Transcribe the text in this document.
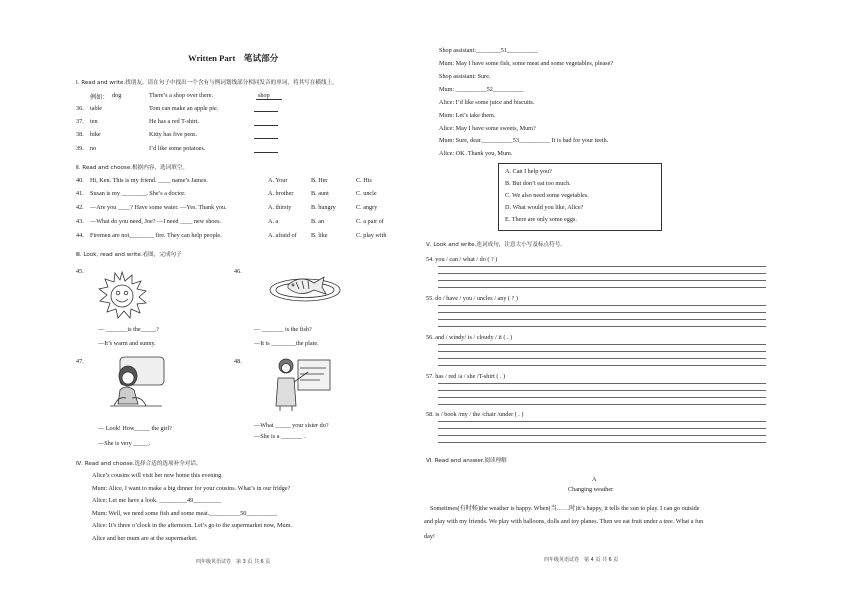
Written Part　笔试部分
Ⅰ. Read and write.找朋友。请在句子中找出一个含有与例词划线部分相同发音的单词，将其写在横线上。
例如： dog	There’s a shop over there.	shop
36. table	Tom can make an apple pie.
37. ten	He has a red T-shirt.
38. bike	Kitty has five pens.
39. no	I’d like some potatoes.
Ⅱ. Read and choose.根据内容，选词填空。
40. Hi, Ken. This is my friend. ____ name’s James.	A. Your	B. Her	C. His
41. Susan is my ________. She’s a doctor.	A. brother	B. aunt	C. uncle
42. —Are you ____? Have some water. —Yes. Thank you.	A. thirsty	B. hungry	C. angry
43. —What do you need, Joe? —I need ____ new shoes.	A. a	B. an	C. a pair of
44. Firemen are not________ fire. They can help people.	A. afraid of B. like	C. play with
Ⅲ. Look, read and write.看图，完成句子
45.
— _______is the_____?
—It’s warm and sunny.
46.
— _______ is the fish?
—It is ________the plate.
47.
— Look! How_____ the girl?
—She is very _____.
48.
—What _____ your sister do?
—She is a _______ .
Ⅳ. Read and choose.选择合适的选项补全对话。
Alice’s cousins will visit her new home this evening.
Mum: Alice, I want to make a big dinner for your cousins. What’s in our fridge?
Alice: Let me have a look. _________49_________
Mum: Well, we need some fish and some meat.__________50__________
Alice: It’s three o’clock in the afternoon. Let’s go to the supermarket now, Mum.
Alice and her mum are at the supermarket.
四年级英语试卷　第 3 页 共 6 页
Shop assistant:________51__________
Mum: May I have some fish, some meat and some vegetables, please?
Shop assistant: Sure.
Mum: __________52__________
Alice: I’d like some juice and biscuits.
Mum: Let’s take them.
Alice: May I have some sweets, Mum?
Mum: Sure, dear.__________53__________ It is bad for your teeth.
Alice: OK .Thank you, Mum.
A. Can I help you?
B. But don’t eat too much.
C. We also need some vegetables.
D. What would you like, Alice?
E. There are only some eggs.
Ⅴ. Look and write.连词成句，注意大小写及标点符号。
54. you / can / what / do ( ? )
55. do / have / you / uncles / any ( ? )
56. and / windy/ is / cloudy / it ( . )
57. has / red /a / she /T-shirt ( . )
58. is / book /my / the /chair /under ( . )
Ⅵ. Read and answer.阅读理解
A
Changing weather
Sometimes(有时候)the weather is happy. When(当……时)it’s happy, it tells the sun to play. I can go outside
and play with my friends. We play with balloons, dolls and toy planes. Then we eat fruit under a tree. What a fun
day!
四年级英语试卷　第 4 页 共 6 页
